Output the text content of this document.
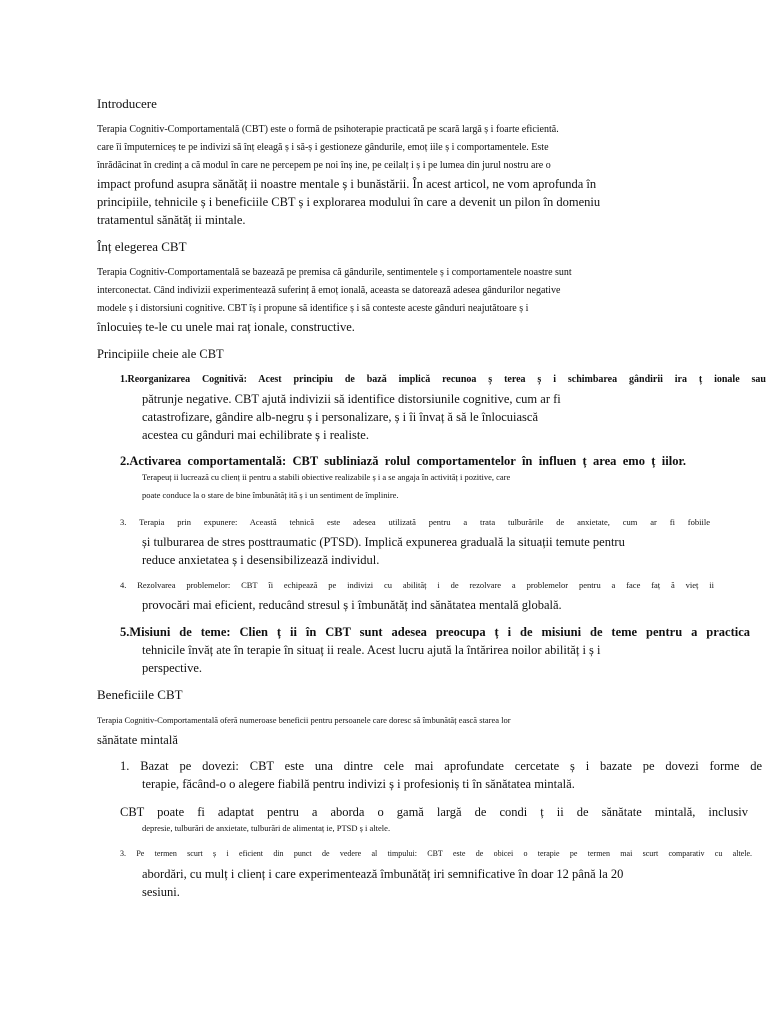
Introducere
Terapia Cognitiv-Comportamentală (CBT) este o formă de psihoterapie practicată pe scară largă ș i foarte eficientă.
care îi împuterniceș te pe indivizi să înț eleagă ș i să-ș i gestioneze gândurile, emoț iile ș i comportamentele. Este
înrădăcinat în credinț a că modul în care ne percepem pe noi înș ine, pe ceilalț i ș i pe lumea din jurul nostru are o
impact profund asupra sănătăț ii noastre mentale ș i bunăstării. În acest articol, ne vom aprofunda în
principiile, tehnicile ș i beneficiile CBT ș i explorarea modului în care a devenit un pilon în domeniu
tratamentul sănătăț ii mintale.
Înț elegerea CBT
Terapia Cognitiv-Comportamentală se bazează pe premisa că gândurile, sentimentele ș i comportamentele noastre sunt
interconectat. Când indivizii experimentează suferinț ă emoț ională, aceasta se datorează adesea gândurilor negative
modele ș i distorsiuni cognitive. CBT îș i propune să identifice ș i să conteste aceste gânduri neajutătoare ș i
înlocuieș te-le cu unele mai raț ionale, constructive.
Principiile cheie ale CBT
1.Reorganizarea Cognitivă: Acest principiu de bază implică recunoa ș terea ș i schimbarea gândirii ira ț ionale sau
pătrunje negative. CBT ajută indivizii să identifice distorsiunile cognitive, cum ar fi
catastrofizare, gândire alb-negru ș i personalizare, ș i îi învaț ă să le înlocuiască
acestea cu gânduri mai echilibrate ș i realiste.
2.Activarea comportamentală: CBT subliniază rolul comportamentelor în influen ț area emo ț iilor.
Terapeuț ii lucrează cu clienț ii pentru a stabili obiective realizabile ș i a se angaja în activităț i pozitive, care
poate conduce la o stare de bine îmbunătăț ită ș i un sentiment de împlinire.
3. Terapia prin expunere: Această tehnică este adesea utilizată pentru a trata tulburările de anxietate, cum ar fi fobiile
și tulburarea de stres posttraumatic (PTSD). Implică expunerea graduală la situații temute pentru
reduce anxietatea ș i desensibilizează individul.
4. Rezolvarea problemelor: CBT îi echipează pe indivizi cu abilităț i de rezolvare a problemelor pentru a face faț ă vieț ii
provocări mai eficient, reducând stresul ș i îmbunătăț ind sănătatea mentală globală.
5.Misiuni de teme: Clien ț ii în CBT sunt adesea preocupa ț i de misiuni de teme pentru a practica
tehnicile învăț ate în terapie în situaț ii reale. Acest lucru ajută la întărirea noilor abilităț i ș i
perspective.
Beneficiile CBT
Terapia Cognitiv-Comportamentală oferă numeroase beneficii pentru persoanele care doresc să îmbunătăț ească starea lor
sănătate mintală
1. Bazat pe dovezi: CBT este una dintre cele mai aprofundate cercetate ș i bazate pe dovezi forme de
terapie, făcând-o o alegere fiabilă pentru indivizi ș i profesioniș ti în sănătatea mintală.
CBT poate fi adaptat pentru a aborda o gamă largă de condi ț ii de sănătate mintală, inclusiv
depresie, tulburări de anxietate, tulburări de alimentaț ie, PTSD ș i altele.
3. Pe termen scurt ș i eficient din punct de vedere al timpului: CBT este de obicei o terapie pe termen mai scurt comparativ cu altele.
abordări, cu mulț i clienț i care experimentează îmbunătăț iri semnificative în doar 12 până la 20
sesiuni.
